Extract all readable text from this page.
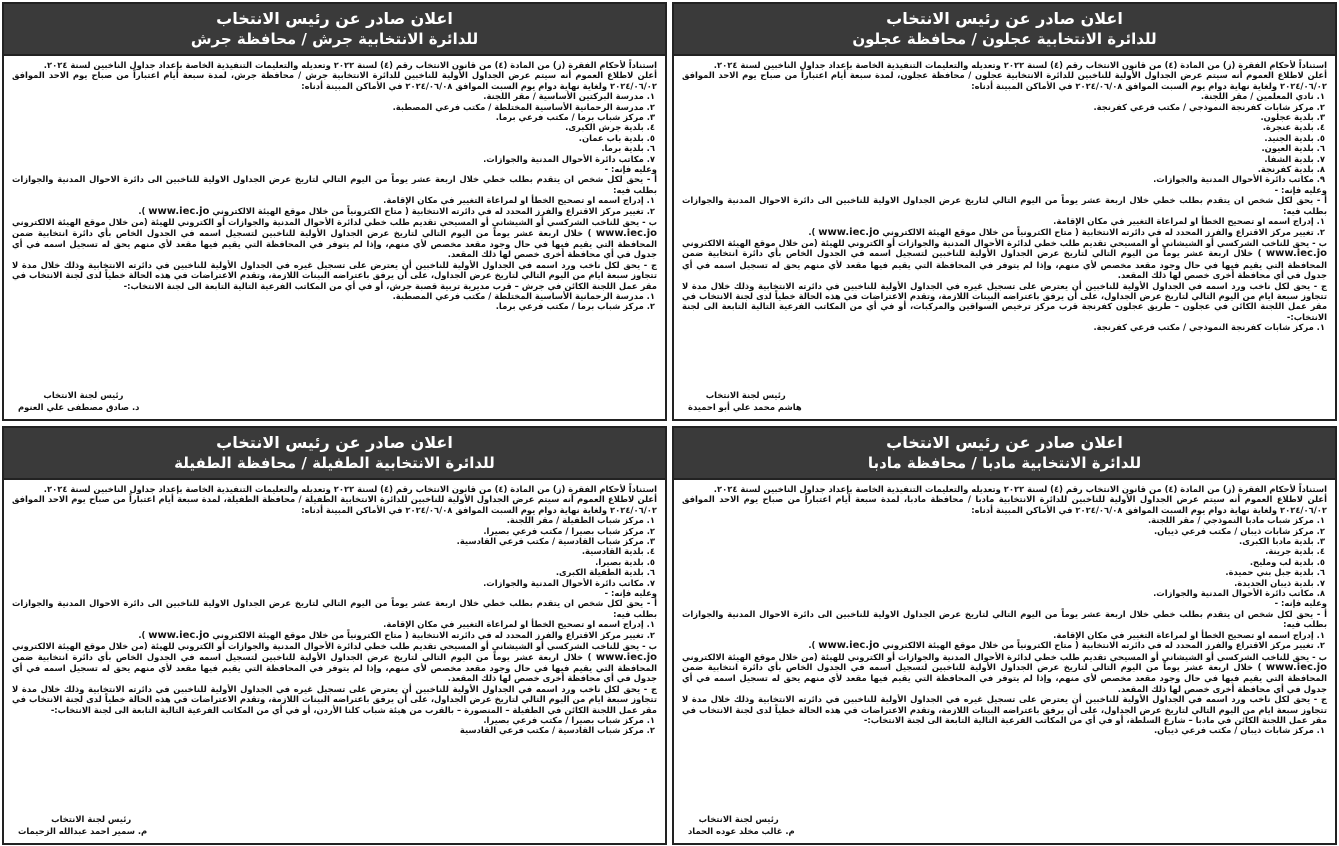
اعلان صادر عن رئيس الانتخاب
للدائرة الانتخابية جرش / محافظة جرش

استناداً لأحكام الفقرة (ز) من المادة (٤) من قانون الانتخاب رقم (٤) لسنة ٢٠٢٢ وتعديله والتعليمات التنفيذية الخاصة بإعداد جداول الناخبين لسنة ٢٠٢٤.

أعلن لاطلاع العموم أنه سيتم عرض الجداول الأولية للناخبين للدائرة الانتخابية جرش / محافظة جرش، لمدة سبعة أيام اعتباراً من صباح يوم الاحد الموافق ٢٠٢٤/٠٦/٠٢ ولغاية نهاية دوام يوم السبت الموافق ٢٠٢٤/٠٦/٠٨ في الأماكن المبينة أدناه:

١. مدرسة البركتين الأساسية / مقر اللجنة.

٢. مدرسة الرحمانية الأساسية المختلطة / مكتب فرعي المصطبة.

٣. مركز شباب برما / مكتب فرعي برما.

٤. بلدية جرش الكبرى.

٥. بلدية باب عمان.

٦. بلدية برما.

٧. مكاتب دائرة الأحوال المدنية والجوازات.

وعليه فإنه: -

أ - يحق لكل شخص ان يتقدم بطلب خطي خلال اربعة عشر يوماً من اليوم التالي لتاريخ عرض الجداول الاولية للناخبين الى دائرة الاحوال المدنية والجوازات بطلب فيه:

١. إدراج اسمه او تصحيح الخطأ او لمراعاة التغيير في مكان الإقامة.

٢. تغيير مركز الاقتراع والفرز المحدد له في دائرته الانتخابية ( متاح الكترونياً من خلال موقع الهيئة الالكتروني www.iec.jo ).

ب - يحق للناخب الشركسي أو الشيشاني أو المسيحي تقديم طلب خطي لدائرة الأحوال المدنية والجوازات أو الكتروني للهيئة (من خلال موقع الهيئة الالكتروني www.iec.jo ) خلال اربعة عشر يوماً من اليوم التالي لتاريخ عرض الجداول الأولية للناخبين لتسجيل اسمه في الجدول الخاص بأي دائرة انتخابية ضمن المحافظة التي يقيم فيها في حال وجود مقعد مخصص لأي منهم، وإذا لم يتوفر في المحافظة التي يقيم فيها مقعد لأي منهم يحق له تسجيل اسمه في أي جدول في أي محافظة أخرى خصص لها ذلك المقعد.

ج - يحق لكل ناخب ورد اسمه في الجداول الأولية للناخبين أن يعترض على تسجيل غيره في الجداول الأولية للناخبين في دائرته الانتخابية وذلك خلال مدة لا تتجاوز سبعة ايام من اليوم التالي لتاريخ عرض الجداول، على أن يرفق باعتراضه البينات اللازمة، وتقدم الاعتراضات في هذه الحالة خطياً لدى لجنة الانتخاب في مقر عمل اللجنة الكائن في جرش – قرب مديرية تربية قصبة جرش، أو في أي من المكاتب الفرعية التالية التابعة الى لجنة الانتخاب:-

١. مدرسة الرحمانية الأساسية المختلطة / مكتب فرعي المصطبة.

٢. مركز شباب برما / مكتب فرعي برما.

رئيس لجنة الانتخاب
د. صادق مصطفى علي العنوم
اعلان صادر عن رئيس الانتخاب
للدائرة الانتخابية عجلون / محافظة عجلون

استناداً لأحكام الفقرة (ز) من المادة (٤) من قانون الانتخاب رقم (٤) لسنة ٢٠٢٢ وتعديله والتعليمات التنفيذية الخاصة بإعداد جداول الناخبين لسنة ٢٠٢٤.

أعلن لاطلاع العموم أنه سيتم عرض الجداول الأولية للناخبين للدائرة الانتخابية عجلون / محافظة عجلون، لمدة سبعة أيام اعتباراً من صباح يوم الاحد الموافق ٢٠٢٤/٠٦/٠٢ ولغاية نهاية دوام يوم السبت الموافق ٢٠٢٤/٠٦/٠٨ في الأماكن المبينة أدناه:

١. نادي المعلمين / مقر اللجنة.

٢. مركز شابات كفرنجة النموذجي / مكتب فرعي كفرنجة.

٣. بلدية عجلون.

٤. بلدية عنجرة.

٥. بلدية الجنيد.

٦. بلدية العيون.

٧. بلدية الشفا.

٨. بلدية كفرنجة.

٩. مكاتب دائرة الأحوال المدنية والجوازات.

وعليه فإنه: -

أ - يحق لكل شخص ان يتقدم بطلب خطي خلال اربعة عشر يوماً من اليوم التالي لتاريخ عرض الجداول الاولية للناخبين الى دائرة الاحوال المدنية والجوازات بطلب فيه:

١. إدراج اسمه او تصحيح الخطأ او لمراعاة التغيير في مكان الإقامة.

٢. تغيير مركز الاقتراع والفرز المحدد له في دائرته الانتخابية ( متاح الكترونياً من خلال موقع الهيئة الالكتروني www.iec.jo ).

ب - يحق للناخب الشركسي أو الشيشاني أو المسيحي تقديم طلب خطي لدائرة الأحوال المدنية والجوازات أو الكتروني للهيئة (من خلال موقع الهيئة الالكتروني www.iec.jo ) خلال اربعة عشر يوماً من اليوم التالي لتاريخ عرض الجداول الأولية للناخبين لتسجيل اسمه في الجدول الخاص بأي دائرة انتخابية ضمن المحافظة التي يقيم فيها في حال وجود مقعد مخصص لأي منهم، وإذا لم يتوفر في المحافظة التي يقيم فيها مقعد لأي منهم يحق له تسجيل اسمه في أي جدول في أي محافظة أخرى خصص لها ذلك المقعد.

ج - يحق لكل ناخب ورد اسمه في الجداول الأولية للناخبين أن يعترض على تسجيل غيره في الجداول الأولية للناخبين في دائرته الانتخابية وذلك خلال مدة لا تتجاوز سبعة ايام من اليوم التالي لتاريخ عرض الجداول، على أن يرفق باعتراضه البينات اللازمة، وتقدم الاعتراضات في هذه الحالة خطياً لدى لجنة الانتخاب في مقر عمل اللجنة الكائن في عجلون – طريق عجلون كفرنجة قرب مركز ترخيص السواقين والمركبات، أو في أي من المكاتب الفرعية التالية التابعة الى لجنة الانتخاب:-

١. مركز شابات كفرنجة النموذجي / مكتب فرعي كفرنجة.

رئيس لجنة الانتخاب
هاشم محمد علي أبو احميدة
اعلان صادر عن رئيس الانتخاب
للدائرة الانتخابية الطفيلة / محافظة الطفيلة

استناداً لأحكام الفقرة (ز) من المادة (٤) من قانون الانتخاب رقم (٤) لسنة ٢٠٢٢ وتعديله والتعليمات التنفيذية الخاصة بإعداد جداول الناخبين لسنة ٢٠٢٤.

أعلن لاطلاع العموم أنه سيتم عرض الجداول الأولية للناخبين للدائرة الانتخابية الطفيلة / محافظة الطفيلة، لمدة سبعة أيام اعتباراً من صباح يوم الاحد الموافق ٢٠٢٤/٠٦/٠٢ ولغاية نهاية دوام يوم السبت الموافق ٢٠٢٤/٠٦/٠٨ في الأماكن المبينة أدناه:

١. مركز شباب الطفيلة / مقر اللجنة.

٢. مركز شباب بصيرا / مكتب فرعي بصيرا.

٣. مركز شباب القادسية / مكتب فرعي القادسية.

٤. بلدية القادسية.

٥. بلدية بصيرا.

٦. بلدية الطفيلة الكبرى.

٧. مكاتب دائرة الأحوال المدنية والجوازات.

وعليه فإنه: -

أ - يحق لكل شخص ان يتقدم بطلب خطي خلال اربعة عشر يوماً من اليوم التالي لتاريخ عرض الجداول الاولية للناخبين الى دائرة الاحوال المدنية والجوازات بطلب فيه:

١. إدراج اسمه او تصحيح الخطأ او لمراعاة التغيير في مكان الإقامة.

٢. تغيير مركز الاقتراع والفرز المحدد له في دائرته الانتخابية ( متاح الكترونياً من خلال موقع الهيئة الالكتروني www.iec.jo ).

ب - يحق للناخب الشركسي أو الشيشاني أو المسيحي تقديم طلب خطي لدائرة الأحوال المدنية والجوازات أو الكتروني للهيئة (من خلال موقع الهيئة الالكتروني www.iec.jo ) خلال اربعة عشر يوماً من اليوم التالي لتاريخ عرض الجداول الأولية للناخبين لتسجيل اسمه في الجدول الخاص بأي دائرة انتخابية ضمن المحافظة التي يقيم فيها في حال وجود مقعد مخصص لأي منهم، وإذا لم يتوفر في المحافظة التي يقيم فيها مقعد لأي منهم يحق له تسجيل اسمه في أي جدول في أي محافظة أخرى خصص لها ذلك المقعد.

ج - يحق لكل ناخب ورد اسمه في الجداول الأولية للناخبين أن يعترض على تسجيل غيره في الجداول الأولية للناخبين في دائرته الانتخابية وذلك خلال مدة لا تتجاوز سبعة ايام من اليوم التالي لتاريخ عرض الجداول، على أن يرفق باعتراضه البينات اللازمة، وتقدم الاعتراضات في هذه الحالة خطياً لدى لجنة الانتخاب في مقر عمل اللجنة الكائن في الطفيلة – المنصورة – بالقرب من هيئة شباب كلنا الأردن، أو في أي من المكاتب الفرعية التالية التابعة الى لجنة الانتخاب:-

١. مركز شباب بصيرا / مكتب فرعي بصيرا.

٢. مركز شباب القادسية / مكتب فرعي القادسية

رئيس لجنة الانتخاب
م. سمير احمد عبدالله الزحيمات
اعلان صادر عن رئيس الانتخاب
للدائرة الانتخابية مادبا / محافظة مادبا

استناداً لأحكام الفقرة (ز) من المادة (٤) من قانون الانتخاب رقم (٤) لسنة ٢٠٢٢ وتعديله والتعليمات التنفيذية الخاصة بإعداد جداول الناخبين لسنة ٢٠٢٤.

أعلن لاطلاع العموم أنه سيتم عرض الجداول الأولية للناخبين للدائرة الانتخابية مادبا / محافظة مادبا، لمدة سبعة أيام اعتباراً من صباح يوم الاحد الموافق ٢٠٢٤/٠٦/٠٢ ولغاية نهاية دوام يوم السبت الموافق ٢٠٢٤/٠٦/٠٨ في الأماكن المبينة أدناه:

١. مركز شباب مادبا النموذجي / مقر اللجنة.

٢. مركز شابات ذيبان / مكتب فرعي ذيبان.

٣. بلدية مادبا الكبرى.

٤. بلدية جرينة.

٥. بلدية لب ومليح.

٦. بلدية جبل بني حميدة.

٧. بلدية ذيبان الجديدة.

٨. مكاتب دائرة الأحوال المدنية والجوازات.

وعليه فإنه: -

أ - يحق لكل شخص ان يتقدم بطلب خطي خلال اربعة عشر يوماً من اليوم التالي لتاريخ عرض الجداول الاولية للناخبين الى دائرة الاحوال المدنية والجوازات بطلب فيه:

١. إدراج اسمه او تصحيح الخطأ او لمراعاة التغيير في مكان الإقامة.

٢. تغيير مركز الاقتراع والفرز المحدد له في دائرته الانتخابية ( متاح الكترونياً من خلال موقع الهيئة الالكتروني www.iec.jo ).

ب - يحق للناخب الشركسي أو الشيشاني أو المسيحي تقديم طلب خطي لدائرة الأحوال المدنية والجوازات أو الكتروني للهيئة (من خلال موقع الهيئة الالكتروني www.iec.jo ) خلال اربعة عشر يوماً من اليوم التالي لتاريخ عرض الجداول الأولية للناخبين لتسجيل اسمه في الجدول الخاص بأي دائرة انتخابية ضمن المحافظة التي يقيم فيها في حال وجود مقعد مخصص لأي منهم، وإذا لم يتوفر في المحافظة التي يقيم فيها مقعد لأي منهم يحق له تسجيل اسمه في أي جدول في أي محافظة أخرى خصص لها ذلك المقعد.

ج - يحق لكل ناخب ورد اسمه في الجداول الأولية للناخبين أن يعترض على تسجيل غيره في الجداول الأولية للناخبين في دائرته الانتخابية وذلك خلال مدة لا تتجاوز سبعة ايام من اليوم التالي لتاريخ عرض الجداول، على أن يرفق باعتراضه البينات اللازمة، وتقدم الاعتراضات في هذه الحالة خطياً لدى لجنة الانتخاب في مقر عمل اللجنة الكائن في مادبا – شارع السلطة، أو في أي من المكاتب الفرعية التالية التابعة الى لجنة الانتخاب:-

١. مركز شابات ذيبان / مكتب فرعي ذيبان.

رئيس لجنة الانتخاب
م. غالب مخلد عوده الحماد
